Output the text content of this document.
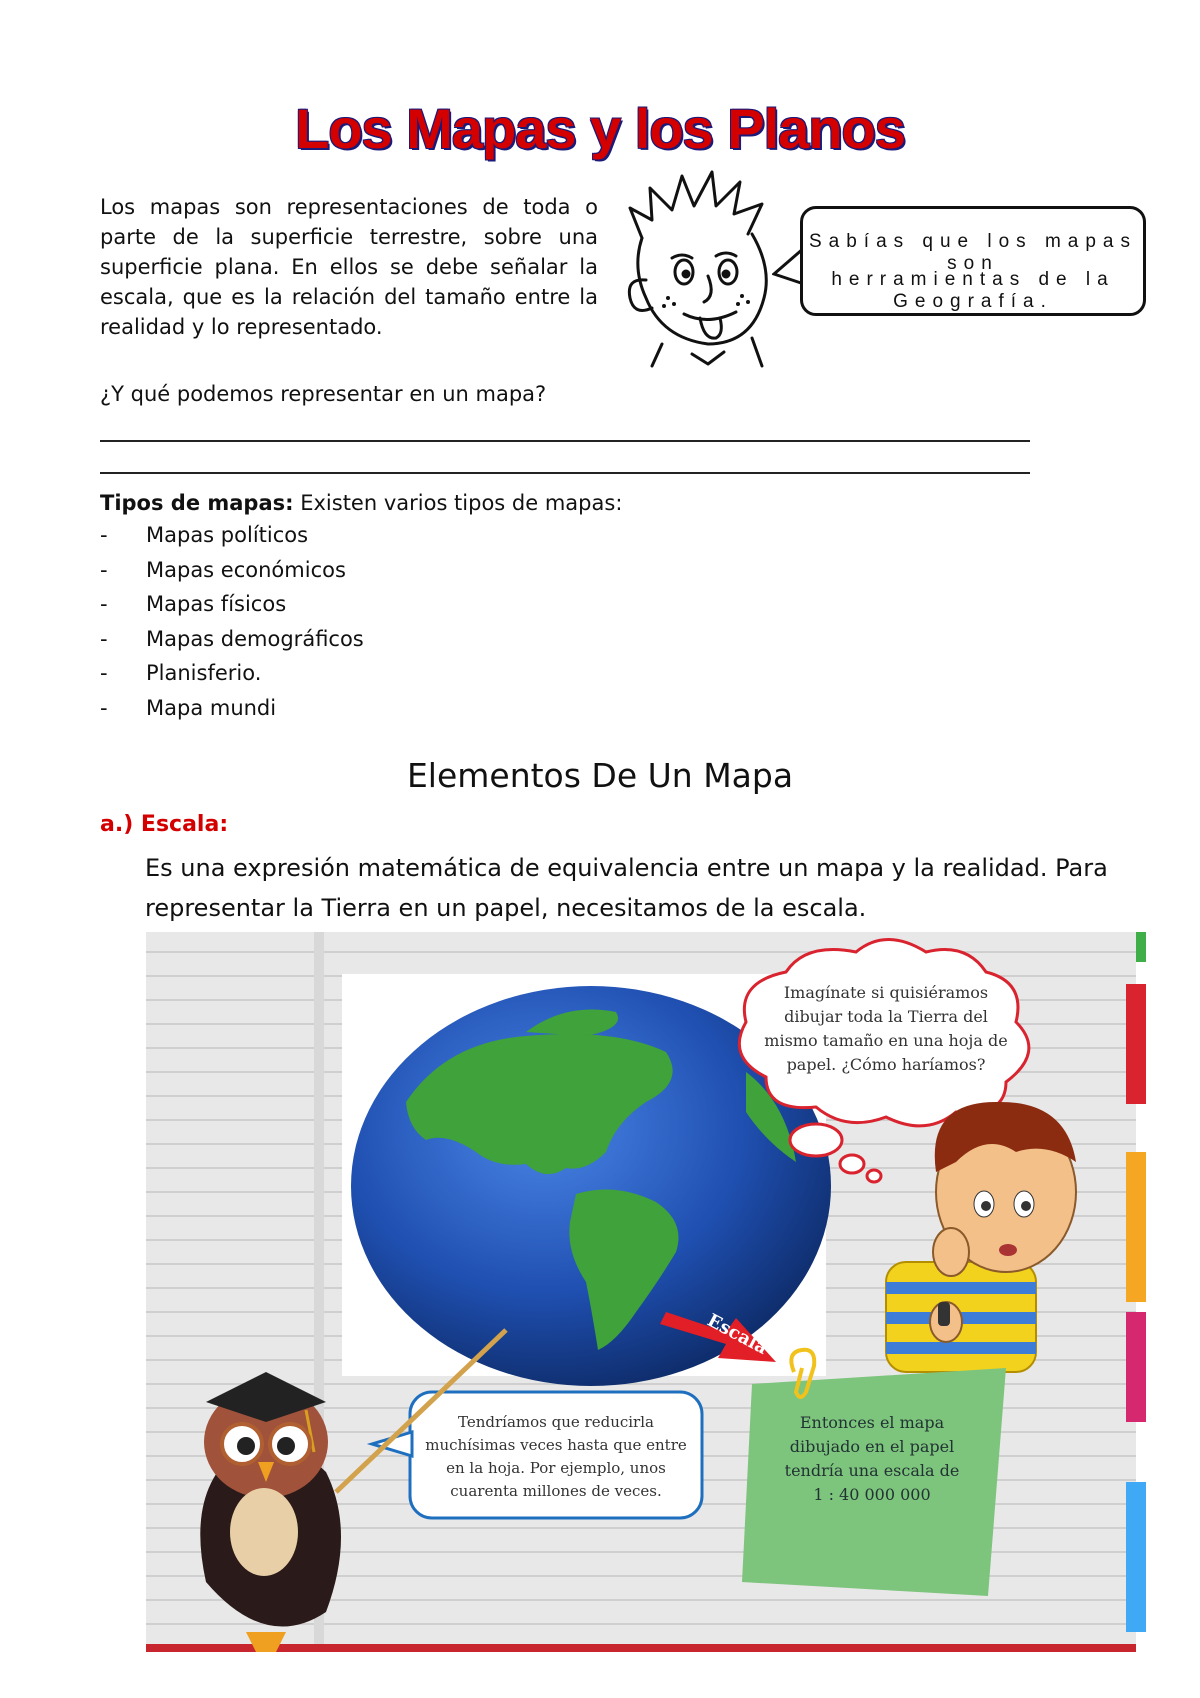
Los Mapas y los Planos
Los mapas son representaciones de toda o parte de la superficie terrestre, sobre una superficie plana. En ellos se debe señalar la escala, que es la relación del tamaño entre la realidad y lo representado.
Sabías que los mapas son
herramientas de la Geografía.
¿Y qué podemos representar en un mapa?
Tipos de mapas: Existen varios tipos de mapas:
- Mapas políticos
- Mapas económicos
- Mapas físicos
- Mapas demográficos
- Planisferio.
- Mapa mundi
Elementos De Un Mapa
a.) Escala:
Es una expresión matemática de equivalencia entre un mapa y la realidad. Para representar la Tierra en un papel, necesitamos de la escala.
Imagínate si quisiéramos
dibujar toda la Tierra del
mismo tamaño en una hoja de
papel. ¿Cómo haríamos?
Escala
Entonces el mapa
dibujado en el papel
tendría una escala de
1 : 40 000 000
Tendríamos que reducirla
muchísimas veces hasta que entre
en la hoja. Por ejemplo, unos
cuarenta millones de veces.
